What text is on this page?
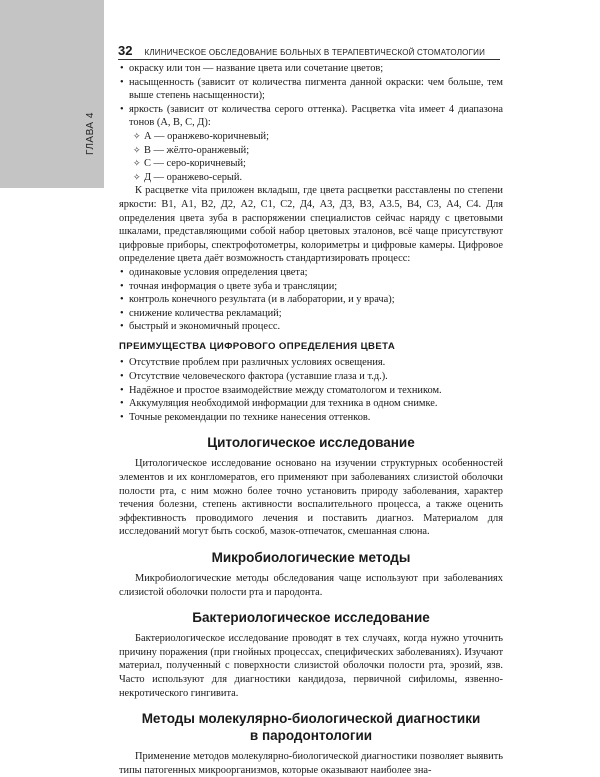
ГЛАВА 4
32 КЛИНИЧЕСКОЕ ОБСЛЕДОВАНИЕ БОЛЬНЫХ В ТЕРАПЕВТИЧЕСКОЙ СТОМАТОЛОГИИ
• окраску или тон — название цвета или сочетание цветов;
• насыщенность (зависит от количества пигмента данной окраски: чем больше, тем выше степень насыщенности);
• яркость (зависит от количества серого оттенка). Расцветка vita имеет 4 диапазона тонов (А, В, С, Д):
✧ А — оранжево-коричневый;
✧ В — жёлто-оранжевый;
✧ С — серо-коричневый;
✧ Д — оранжево-серый.

К расцветке vita приложен вкладыш, где цвета расцветки расставлены по степени яркости: В1, А1, В2, Д2, А2, С1, С2, Д4, А3, Д3, В3, А3.5, В4, С3, А4, С4. Для определения цвета зуба в распоряжении специалистов сейчас наряду с цветовыми шкалами, представляющими собой набор цветовых эталонов, всё чаще присутствуют цифровые приборы, спектрофотометры, колориметры и цифровые камеры. Цифровое определение цвета даёт возможность стандартизировать процесс:

• одинаковые условия определения цвета;
• точная информация о цвете зуба и трансляции;
• контроль конечного результата (и в лаборатории, и у врача);
• снижение количества рекламаций;
• быстрый и экономичный процесс.
ПРЕИМУЩЕСТВА ЦИФРОВОГО ОПРЕДЕЛЕНИЯ ЦВЕТА
• Отсутствие проблем при различных условиях освещения.
• Отсутствие человеческого фактора (уставшие глаза и т.д.).
• Надёжное и простое взаимодействие между стоматологом и техником.
• Аккумуляция необходимой информации для техника в одном снимке.
• Точные рекомендации по технике нанесения оттенков.
Цитологическое исследование

Цитологическое исследование основано на изучении структурных особенностей элементов и их конгломератов, его применяют при заболеваниях слизистой оболочки полости рта, с ним можно более точно установить природу заболевания, характер течения болезни, степень активности воспалительного процесса, а также оценить эффективность проводимого лечения и поставить диагноз. Материалом для исследований могут быть соскоб, мазок-отпечаток, смешанная слюна.

Микробиологические методы

Микробиологические методы обследования чаще используют при заболеваниях слизистой оболочки полости рта и пародонта.

Бактериологическое исследование

Бактериологическое исследование проводят в тех случаях, когда нужно уточнить причину поражения (при гнойных процессах, специфических заболеваниях). Изучают материал, полученный с поверхности слизистой оболочки полости рта, эрозий, язв. Часто используют для диагностики кандидоза, первичной сифиломы, язвенно-некротического гингивита.

Методы молекулярно-биологической диагностики
в пародонтологии

Применение методов молекулярно-биологической диагностики позволяет выявить типы патогенных микроорганизмов, которые оказывают наиболее зна-
